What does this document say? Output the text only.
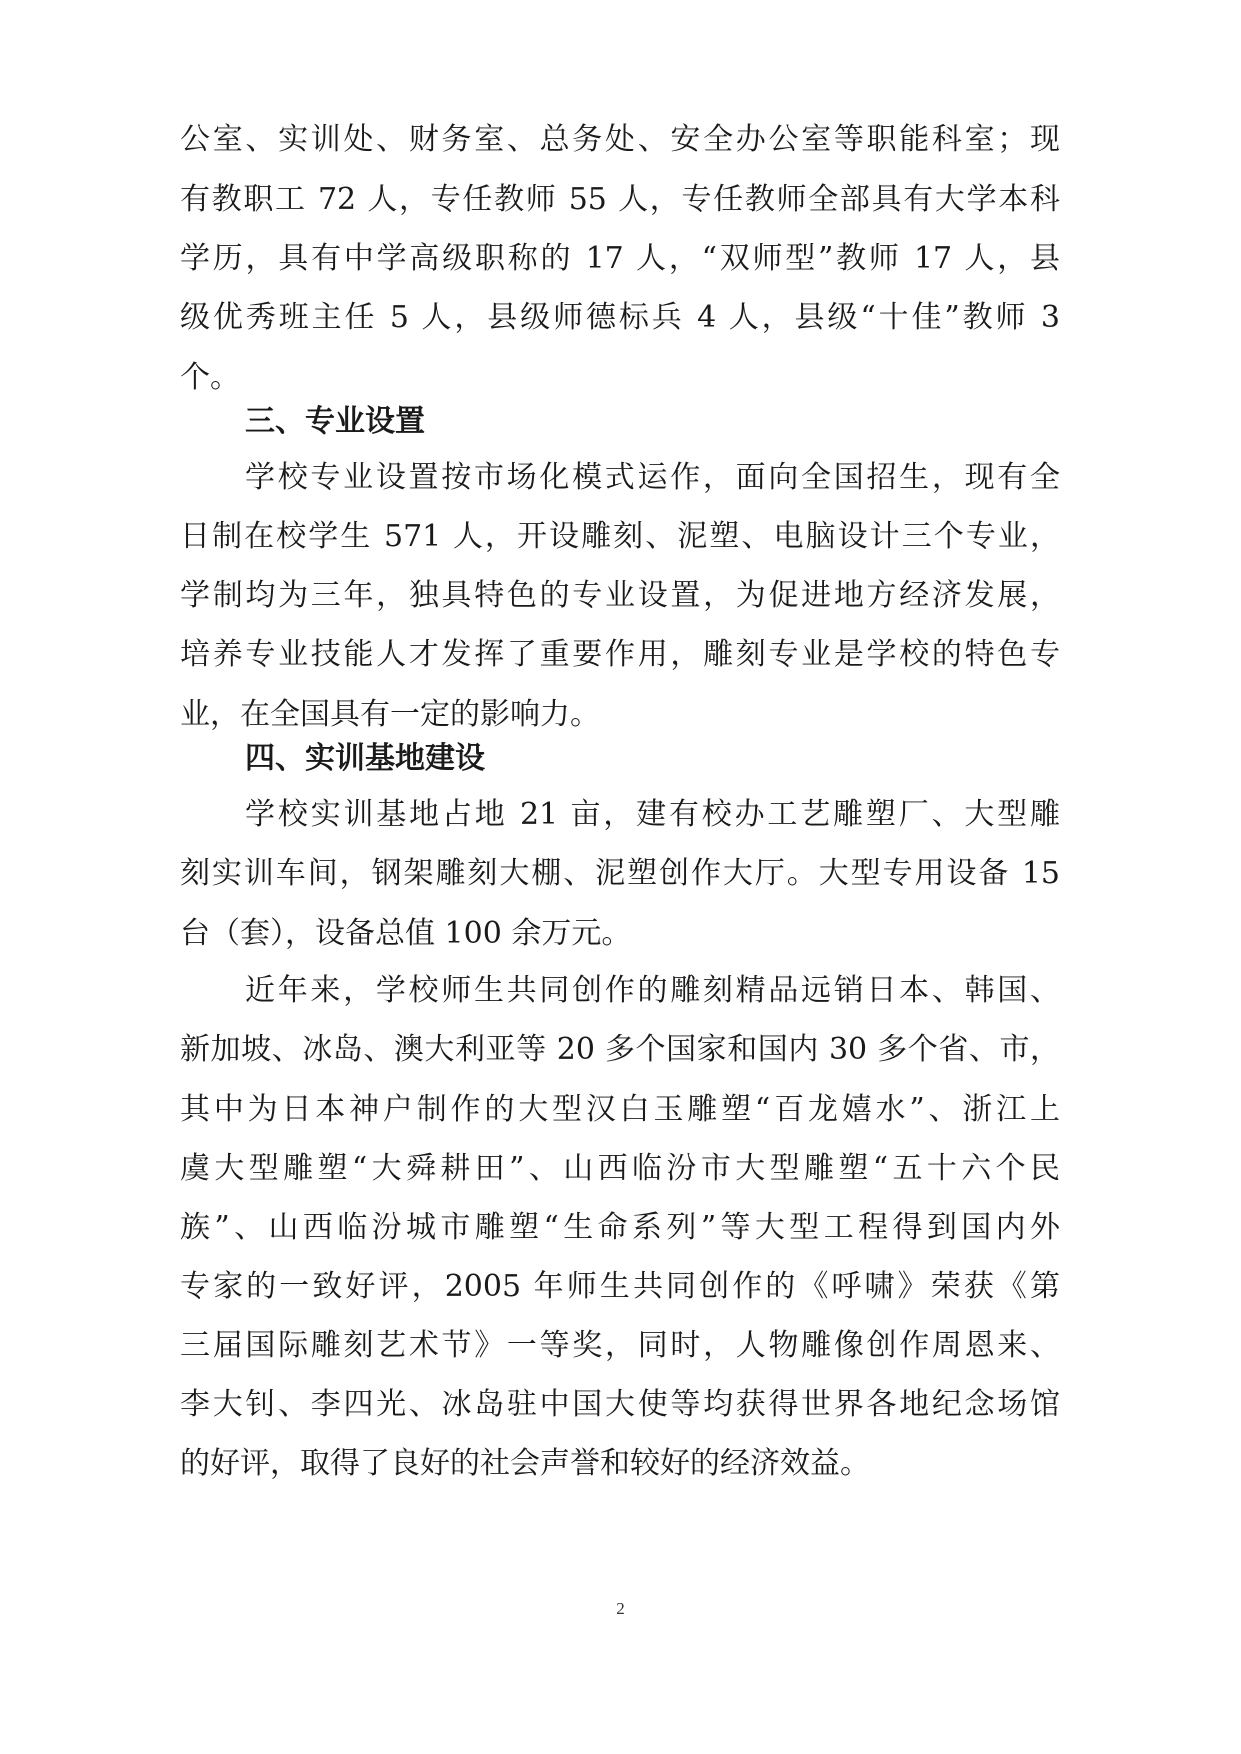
公室、实训处、财务室、总务处、安全办公室等职能科室；现
有教职工 72 人，专任教师 55 人，专任教师全部具有大学本科
学历，具有中学高级职称的 17 人，“双师型”教师 17 人，县
级优秀班主任 5 人，县级师德标兵 4 人，县级“十佳”教师 3
个。
三、专业设置
学校专业设置按市场化模式运作，面向全国招生，现有全
日制在校学生 571 人，开设雕刻、泥塑、电脑设计三个专业，
学制均为三年，独具特色的专业设置，为促进地方经济发展，
培养专业技能人才发挥了重要作用，雕刻专业是学校的特色专
业，在全国具有一定的影响力。
四、实训基地建设
学校实训基地占地 21 亩，建有校办工艺雕塑厂、大型雕
刻实训车间，钢架雕刻大棚、泥塑创作大厅。大型专用设备 15
台（套），设备总值 100 余万元。
近年来，学校师生共同创作的雕刻精品远销日本、韩国、
新加坡、冰岛、澳大利亚等 20 多个国家和国内 30 多个省、市，
其中为日本神户制作的大型汉白玉雕塑“百龙嬉水”、浙江上
虞大型雕塑“大舜耕田”、山西临汾市大型雕塑“五十六个民
族”、山西临汾城市雕塑“生命系列”等大型工程得到国内外
专家的一致好评，2005 年师生共同创作的《呼啸》荣获《第
三届国际雕刻艺术节》一等奖，同时，人物雕像创作周恩来、
李大钊、李四光、冰岛驻中国大使等均获得世界各地纪念场馆
的好评，取得了良好的社会声誉和较好的经济效益。
2
